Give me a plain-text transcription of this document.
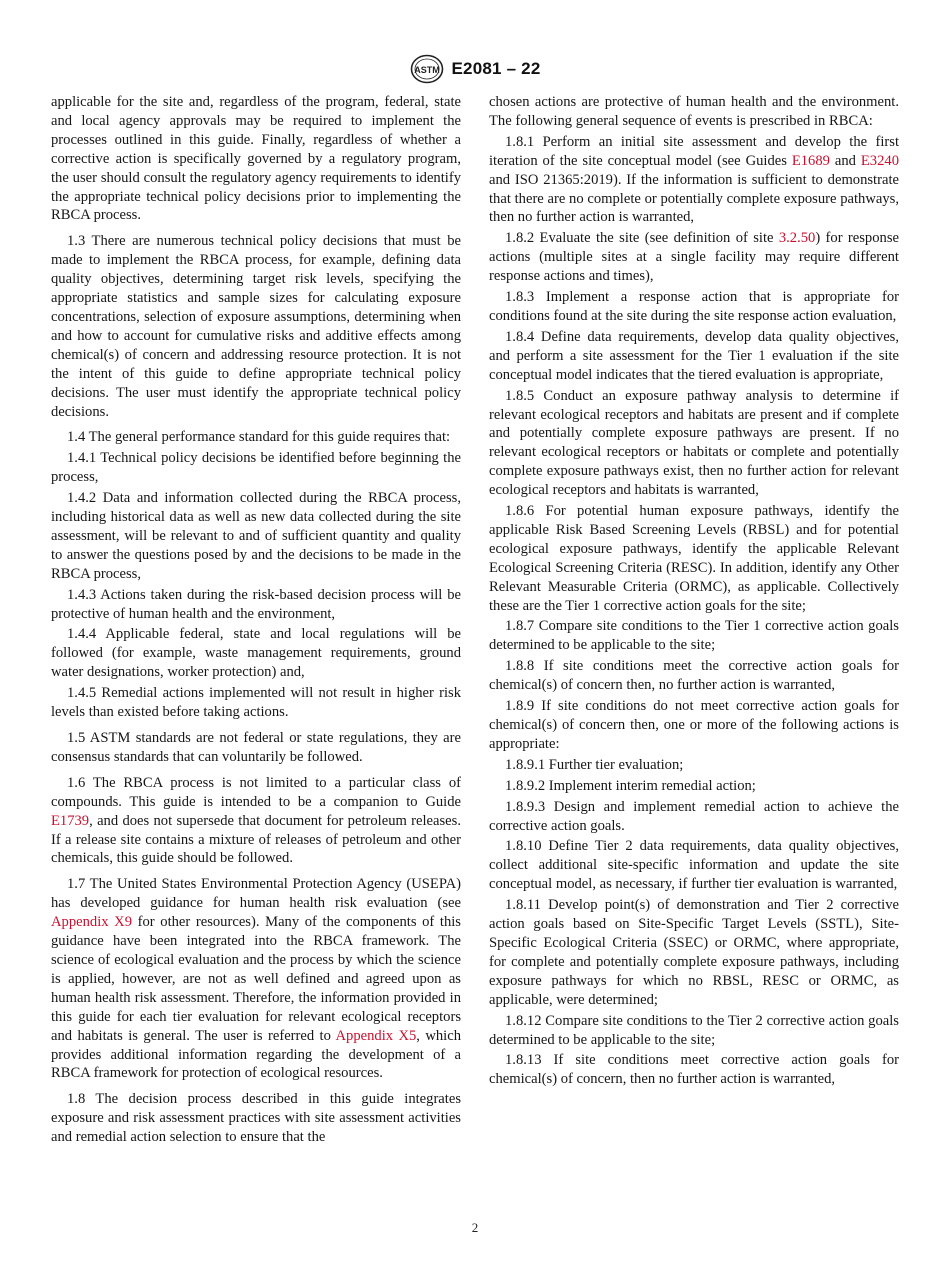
ASTM E2081 – 22

applicable for the site and, regardless of the program, federal, state and local agency approvals may be required to implement the processes outlined in this guide. Finally, regardless of whether a corrective action is specifically governed by a regulatory program, the user should consult the regulatory agency requirements to identify the appropriate technical policy decisions prior to implementing the RBCA process.

1.3 There are numerous technical policy decisions that must be made to implement the RBCA process, for example, defining data quality objectives, determining target risk levels, specifying the appropriate statistics and sample sizes for calculating exposure concentrations, selection of exposure assumptions, determining when and how to account for cumulative risks and additive effects among chemical(s) of concern and addressing resource protection. It is not the intent of this guide to define appropriate technical policy decisions. The user must identify the appropriate technical policy decisions.

1.4 The general performance standard for this guide requires that:

1.4.1 Technical policy decisions be identified before beginning the process,

1.4.2 Data and information collected during the RBCA process, including historical data as well as new data collected during the site assessment, will be relevant to and of sufficient quantity and quality to answer the questions posed by and the decisions to be made in the RBCA process,

1.4.3 Actions taken during the risk-based decision process will be protective of human health and the environment,

1.4.4 Applicable federal, state and local regulations will be followed (for example, waste management requirements, ground water designations, worker protection) and,

1.4.5 Remedial actions implemented will not result in higher risk levels than existed before taking actions.

1.5 ASTM standards are not federal or state regulations, they are consensus standards that can voluntarily be followed.

1.6 The RBCA process is not limited to a particular class of compounds. This guide is intended to be a companion to Guide E1739, and does not supersede that document for petroleum releases. If a release site contains a mixture of releases of petroleum and other chemicals, this guide should be followed.

1.7 The United States Environmental Protection Agency (USEPA) has developed guidance for human health risk evaluation (see Appendix X9 for other resources). Many of the components of this guidance have been integrated into the RBCA framework. The science of ecological evaluation and the process by which the science is applied, however, are not as well defined and agreed upon as human health risk assessment. Therefore, the information provided in this guide for each tier evaluation for relevant ecological receptors and habitats is general. The user is referred to Appendix X5, which provides additional information regarding the development of a RBCA framework for protection of ecological resources.

1.8 The decision process described in this guide integrates exposure and risk assessment practices with site assessment activities and remedial action selection to ensure that the

chosen actions are protective of human health and the environment. The following general sequence of events is prescribed in RBCA:

1.8.1 Perform an initial site assessment and develop the first iteration of the site conceptual model (see Guides E1689 and E3240 and ISO 21365:2019). If the information is sufficient to demonstrate that there are no complete or potentially complete exposure pathways, then no further action is warranted,

1.8.2 Evaluate the site (see definition of site 3.2.50) for response actions (multiple sites at a single facility may require different response actions and times),

1.8.3 Implement a response action that is appropriate for conditions found at the site during the site response action evaluation,

1.8.4 Define data requirements, develop data quality objectives, and perform a site assessment for the Tier 1 evaluation if the site conceptual model indicates that the tiered evaluation is appropriate,

1.8.5 Conduct an exposure pathway analysis to determine if relevant ecological receptors and habitats are present and if complete and potentially complete exposure pathways are present. If no relevant ecological receptors or habitats or complete and potentially complete exposure pathways exist, then no further action for relevant ecological receptors and habitats is warranted,

1.8.6 For potential human exposure pathways, identify the applicable Risk Based Screening Levels (RBSL) and for potential ecological exposure pathways, identify the applicable Relevant Ecological Screening Criteria (RESC). In addition, identify any Other Relevant Measurable Criteria (ORMC), as applicable. Collectively these are the Tier 1 corrective action goals for the site;

1.8.7 Compare site conditions to the Tier 1 corrective action goals determined to be applicable to the site;

1.8.8 If site conditions meet the corrective action goals for chemical(s) of concern then, no further action is warranted,

1.8.9 If site conditions do not meet corrective action goals for chemical(s) of concern then, one or more of the following actions is appropriate:

1.8.9.1 Further tier evaluation;

1.8.9.2 Implement interim remedial action;

1.8.9.3 Design and implement remedial action to achieve the corrective action goals.

1.8.10 Define Tier 2 data requirements, data quality objectives, collect additional site-specific information and update the site conceptual model, as necessary, if further tier evaluation is warranted,

1.8.11 Develop point(s) of demonstration and Tier 2 corrective action goals based on Site-Specific Target Levels (SSTL), Site-Specific Ecological Criteria (SSEC) or ORMC, where appropriate, for complete and potentially complete exposure pathways, including exposure pathways for which no RBSL, RESC or ORMC, as applicable, were determined;

1.8.12 Compare site conditions to the Tier 2 corrective action goals determined to be applicable to the site;

1.8.13 If site conditions meet corrective action goals for chemical(s) of concern, then no further action is warranted,

2
